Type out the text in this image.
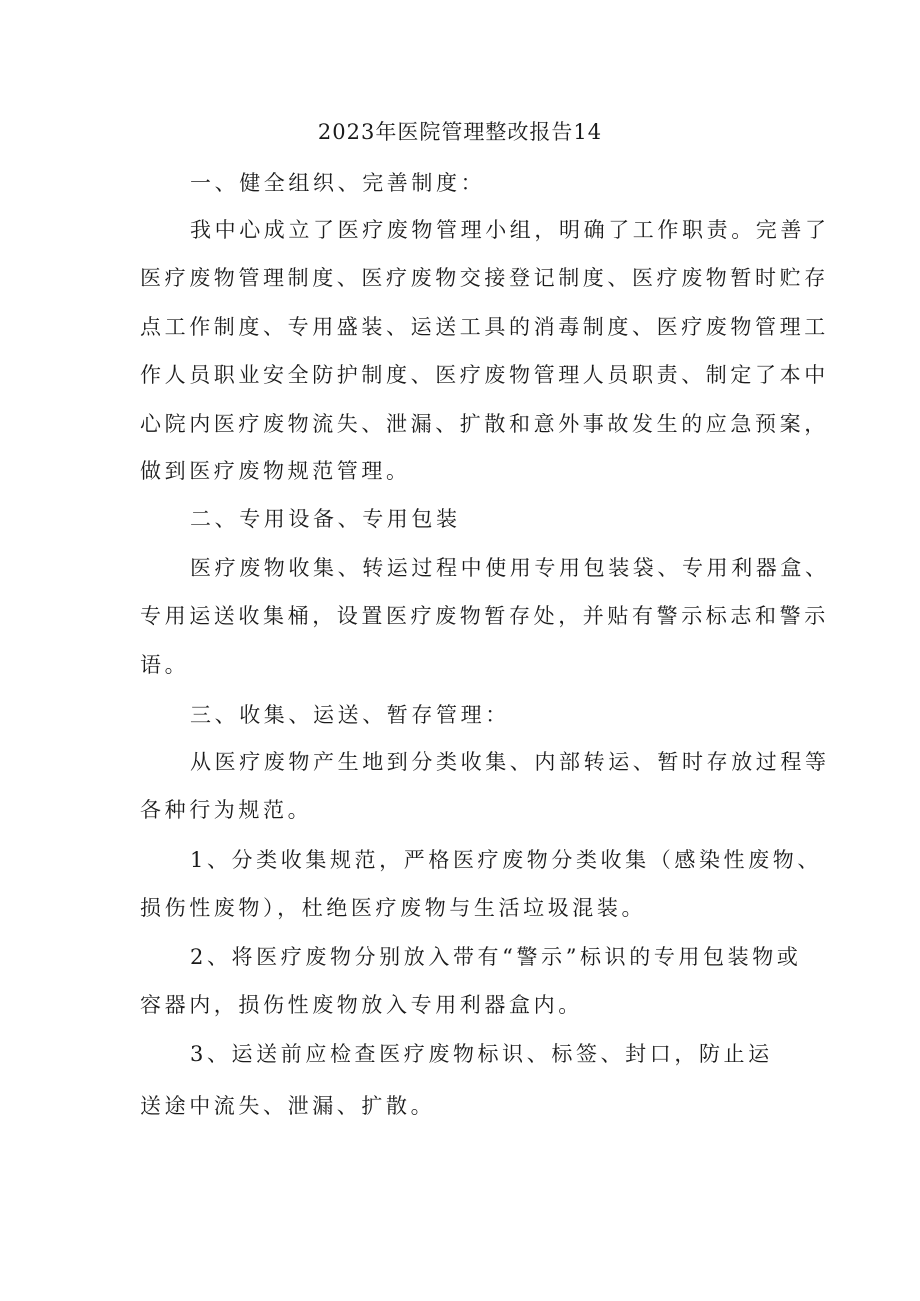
2023年医院管理整改报告14
一、健全组织、完善制度：
我中心成立了医疗废物管理小组，明确了工作职责。完善了
医疗废物管理制度、医疗废物交接登记制度、医疗废物暂时贮存
点工作制度、专用盛装、运送工具的消毒制度、医疗废物管理工
作人员职业安全防护制度、医疗废物管理人员职责、制定了本中
心院内医疗废物流失、泄漏、扩散和意外事故发生的应急预案，
做到医疗废物规范管理。
二、专用设备、专用包装
医疗废物收集、转运过程中使用专用包装袋、专用利器盒、
专用运送收集桶，设置医疗废物暂存处，并贴有警示标志和警示
语。
三、收集、运送、暂存管理：
从医疗废物产生地到分类收集、内部转运、暂时存放过程等
各种行为规范。
1、分类收集规范，严格医疗废物分类收集（感染性废物、
损伤性废物），杜绝医疗废物与生活垃圾混装。
2、将医疗废物分别放入带有“警示”标识的专用包装物或
容器内，损伤性废物放入专用利器盒内。
3、运送前应检查医疗废物标识、标签、封口，防止运
送途中流失、泄漏、扩散。
